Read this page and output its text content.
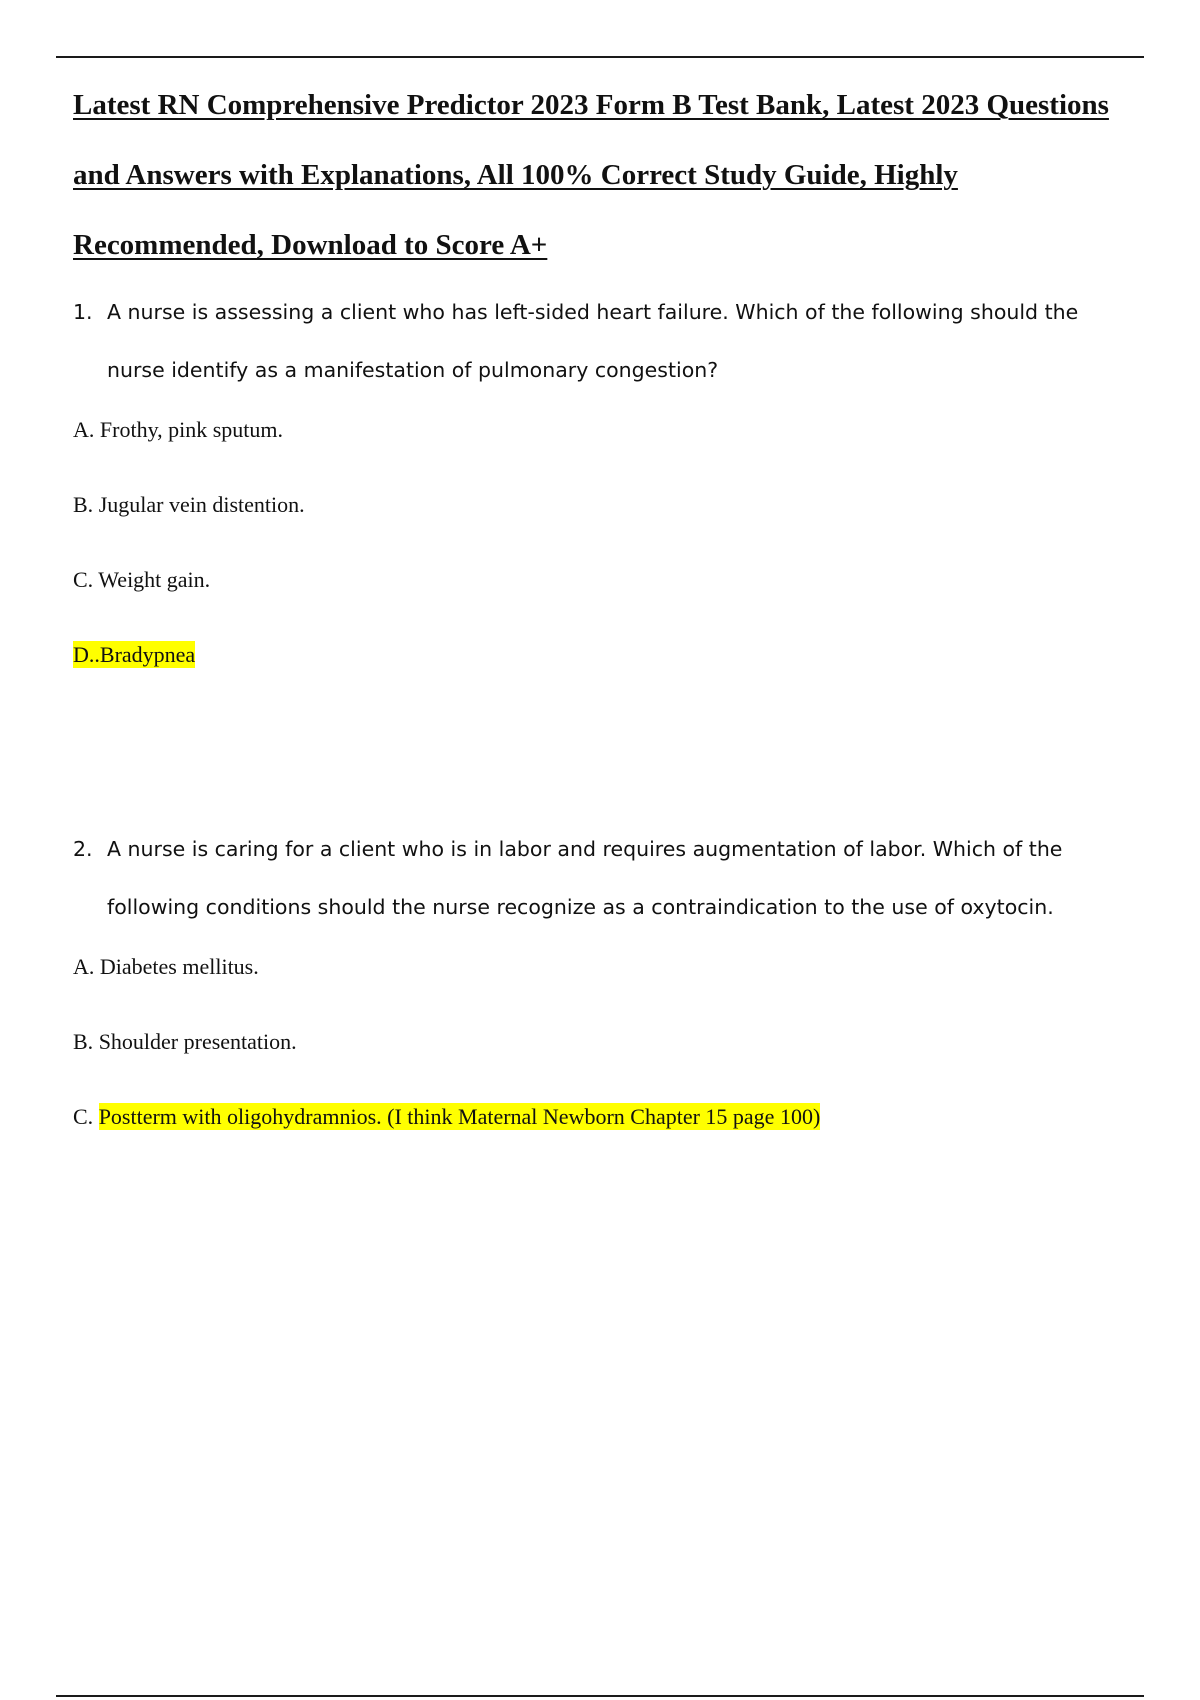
Latest RN Comprehensive Predictor 2023 Form B Test Bank, Latest 2023 Questions
and Answers with Explanations, All 100% Correct Study Guide, Highly
Recommended, Download to Score A+
1. A nurse is assessing a client who has left-sided heart failure. Which of the following should the nurse identify as a manifestation of pulmonary congestion?
A. Frothy, pink sputum.
B. Jugular vein distention.
C. Weight gain.
D..Bradypnea
2. A nurse is caring for a client who is in labor and requires augmentation of labor. Which of the following conditions should the nurse recognize as a contraindication to the use of oxytocin.
A. Diabetes mellitus.
B. Shoulder presentation.
C. Postterm with oligohydramnios. (I think Maternal Newborn Chapter 15 page 100)
